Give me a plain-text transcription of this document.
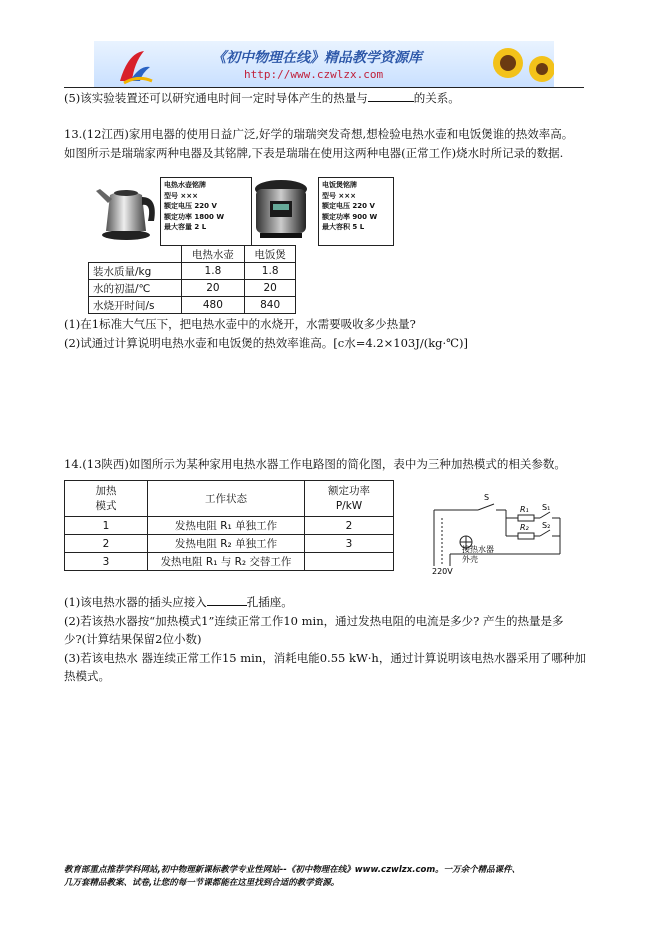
《初中物理在线》精品教学资源库
http://www.czwlzx.com
(5)该实验装置还可以研究通电时间一定时导体产生的热量与	的关系。
13.(12江西)家用电器的使用日益广泛,好学的瑞瑞突发奇想,想检验电热水壶和电饭煲谁的热效率高。
如图所示是瑞瑞家两种电器及其铭牌,下表是瑞瑞在使用这两种电器(正常工作)烧水时所记录的数据.
电热水壶铭牌
型号 ×××
额定电压 220 V
额定功率 1800 W
最大容量 2 L
电饭煲铭牌
型号 ×××
额定电压 220 V
额定功率 900 W
最大容积 5 L
	电热水壶	电饭煲
装水质量/kg	1.8	1.8
水的初温/℃	20	20
水烧开时间/s	480	840
(1)在1标准大气压下，把电热水壶中的水烧开，水需要吸收多少热量?
(2)试通过计算说明电热水壶和电饭煲的热效率谁高。[c水=4.2×103J/(kg·℃)]
14.(13陕西)如图所示为某种家用电热水器工作电路图的简化图，表中为三种加热模式的相关参数。
加热
模式	工作状态	额定功率
P/kW
1	发热电阻 R₁ 单独工作	2
2	发热电阻 R₂ 单独工作	3
3	发热电阻 R₁ 与 R₂ 交替工作	
S
R₁ S₁
R₂ S₂
接热水器
外壳
220V
(1)该电热水器的插头应接入	孔插座。
(2)若该热水器按“加热模式1”连续正常工作10 min，通过发热电阻的电流是多少? 产生的热量是多
少?(计算结果保留2位小数)
(3)若该电热水 器连续正常工作15 min，消耗电能0.55 kW·h，通过计算说明该电热水器采用了哪种加
热模式。
教育部重点推荐学科网站,初中物理新课标教学专业性网站--《初中物理在线》www.czwlzx.com。一万余个精品课件、
几万套精品教案、试卷,让您的每一节课都能在这里找到合适的教学资源。
